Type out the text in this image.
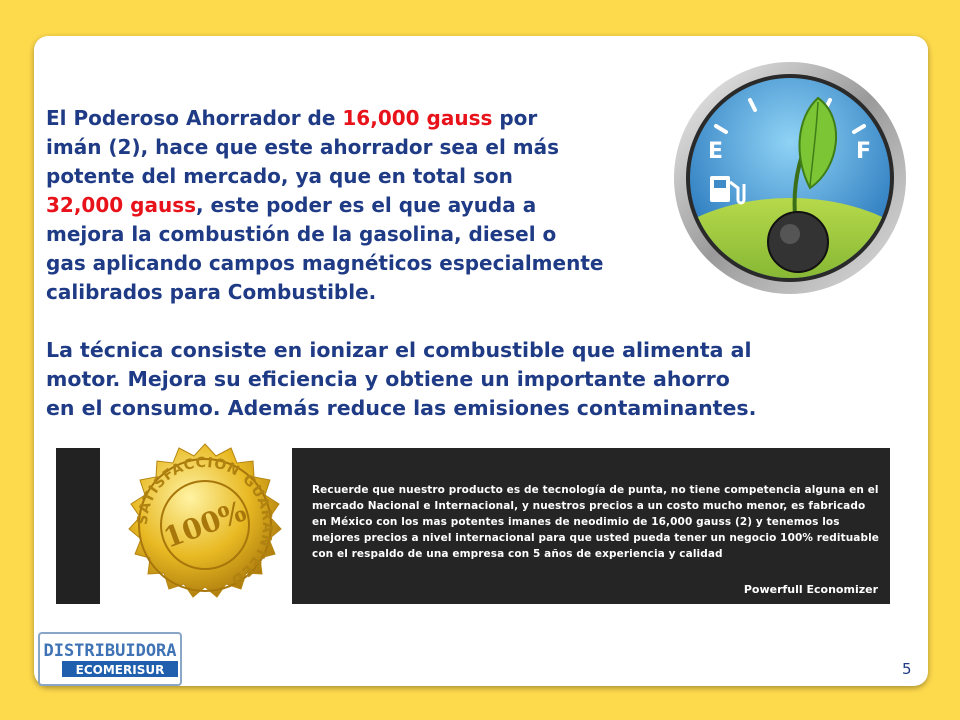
El Poderoso Ahorrador de 16,000 gauss por
imán (2), hace que este ahorrador sea el más
potente del mercado, ya que en total son
32,000 gauss, este poder es el que ayuda a
mejora la combustión de la gasolina, diesel o
gas aplicando campos magnéticos especialmente
calibrados para Combustible.
La técnica consiste en ionizar el combustible que alimenta al
motor. Mejora su eficiencia y obtiene un importante ahorro
en el consumo. Además reduce las emisiones contaminantes.
E	F
SATISFACCION GUARANTEED
100%
Recuerde que nuestro producto es de tecnología de punta, no tiene competencia alguna en el mercado Nacional e Internacional, y nuestros precios a un costo mucho menor, es fabricado en México con los mas potentes imanes de neodimio de 16,000 gauss (2) y tenemos los mejores precios a nivel internacional para que usted pueda tener un negocio 100% redituable con el respaldo de una empresa con 5 años de experiencia y calidad
Powerfull Economizer
DISTRIBUIDORA
ECOMERISUR	5
